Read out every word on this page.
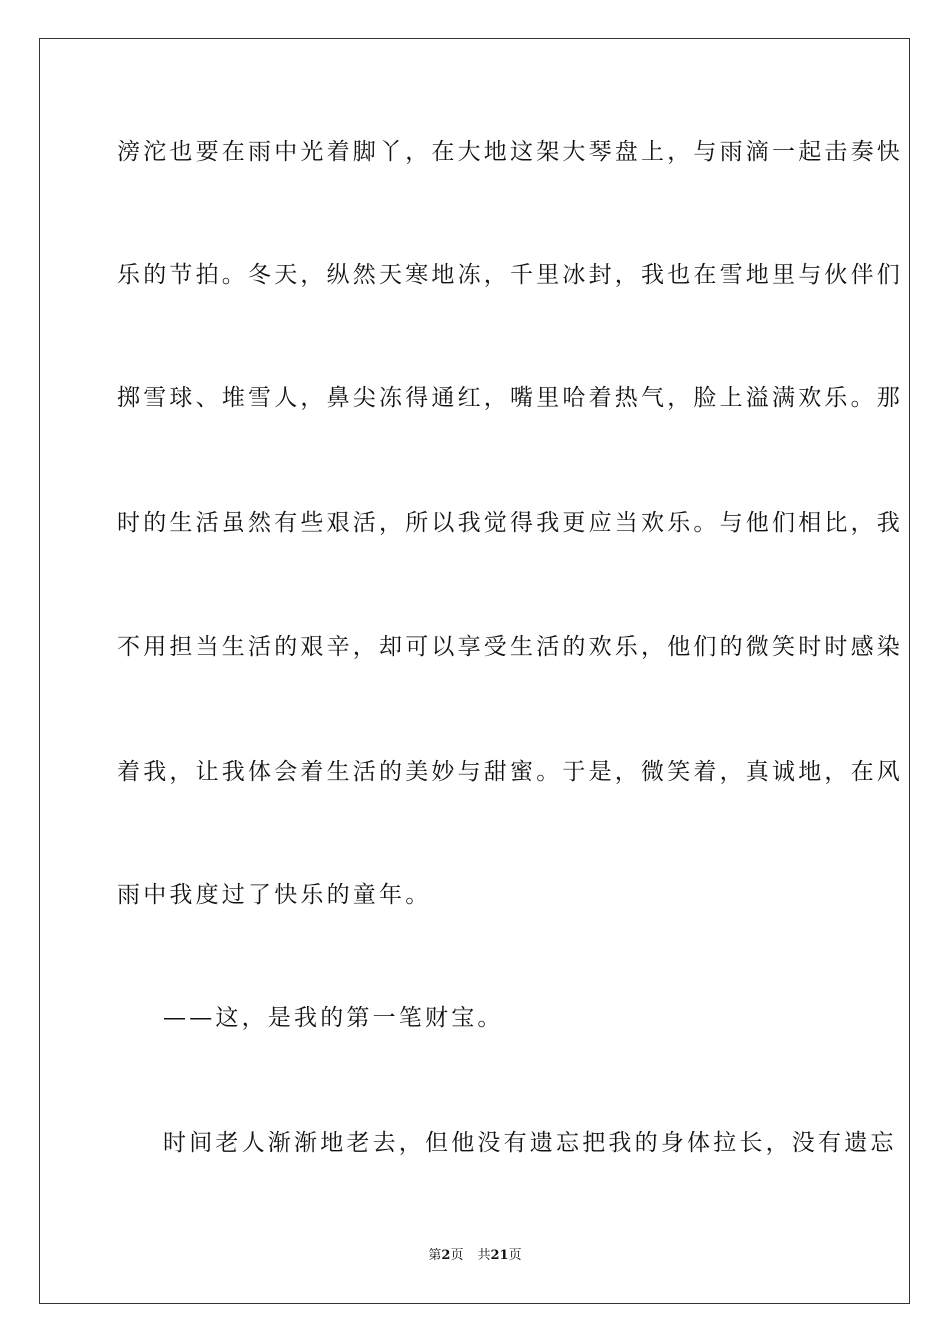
滂沱也要在雨中光着脚丫，在大地这架大琴盘上，与雨滴一起击奏快
乐的节拍。冬天，纵然天寒地冻，千里冰封，我也在雪地里与伙伴们
掷雪球、堆雪人，鼻尖冻得通红，嘴里哈着热气，脸上溢满欢乐。那
时的生活虽然有些艰活，所以我觉得我更应当欢乐。与他们相比，我
不用担当生活的艰辛，却可以享受生活的欢乐，他们的微笑时时感染
着我，让我体会着生活的美妙与甜蜜。于是，微笑着，真诚地，在风
雨中我度过了快乐的童年。
——这，是我的第一笔财宝。
时间老人渐渐地老去，但他没有遗忘把我的身体拉长，没有遗忘
第2页 共21页
